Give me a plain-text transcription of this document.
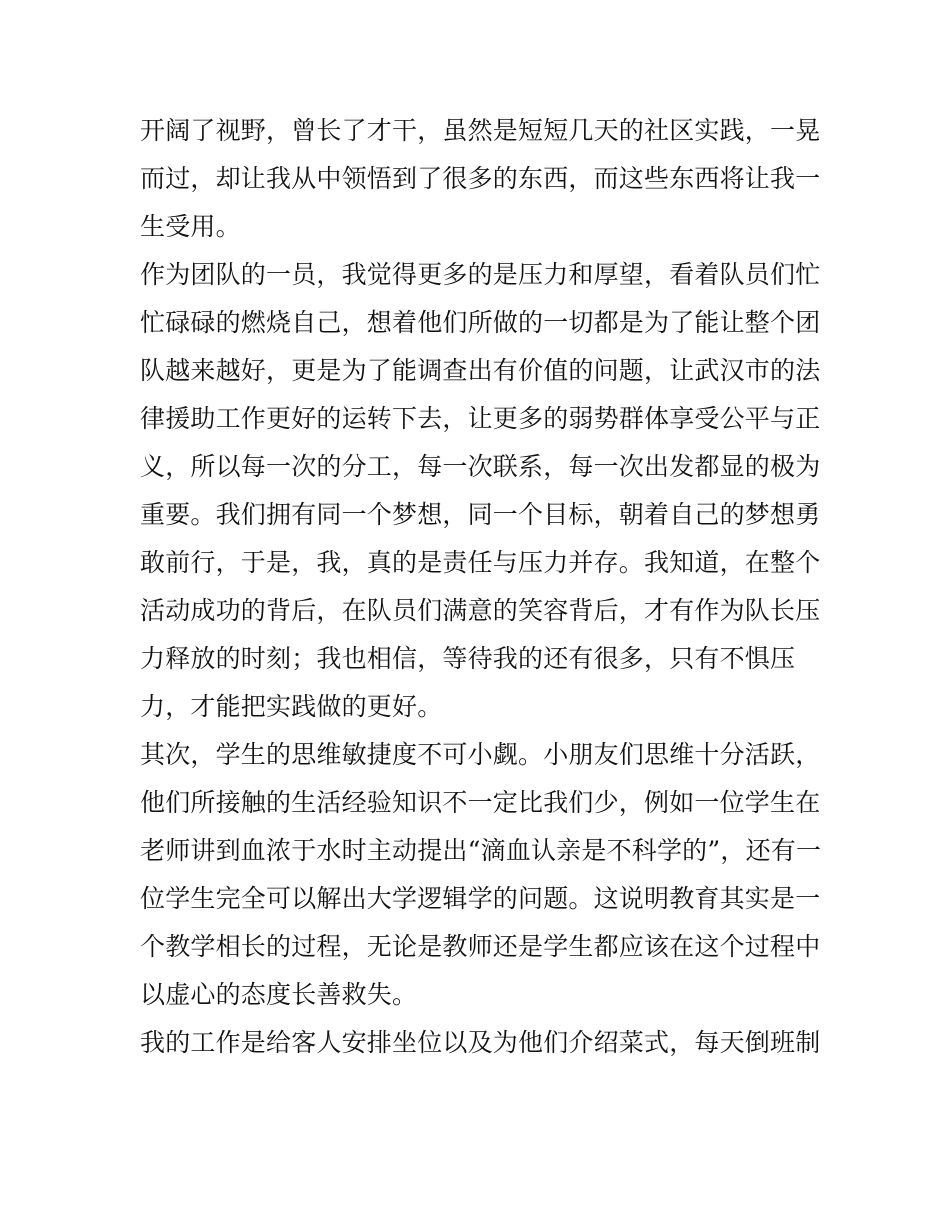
开阔了视野，曾长了才干，虽然是短短几天的社区实践，一晃
而过，却让我从中领悟到了很多的东西，而这些东西将让我一
生受用。
作为团队的一员，我觉得更多的是压力和厚望，看着队员们忙
忙碌碌的燃烧自己，想着他们所做的一切都是为了能让整个团
队越来越好，更是为了能调查出有价值的问题，让武汉市的法
律援助工作更好的运转下去，让更多的弱势群体享受公平与正
义，所以每一次的分工，每一次联系，每一次出发都显的极为
重要。我们拥有同一个梦想，同一个目标，朝着自己的梦想勇
敢前行，于是，我，真的是责任与压力并存。我知道，在整个
活动成功的背后，在队员们满意的笑容背后，才有作为队长压
力释放的时刻；我也相信，等待我的还有很多，只有不惧压
力，才能把实践做的更好。
其次，学生的思维敏捷度不可小觑。小朋友们思维十分活跃，
他们所接触的生活经验知识不一定比我们少，例如一位学生在
老师讲到血浓于水时主动提出“滴血认亲是不科学的”，还有一
位学生完全可以解出大学逻辑学的问题。这说明教育其实是一
个教学相长的过程，无论是教师还是学生都应该在这个过程中
以虚心的态度长善救失。
我的工作是给客人安排坐位以及为他们介绍菜式，每天倒班制
